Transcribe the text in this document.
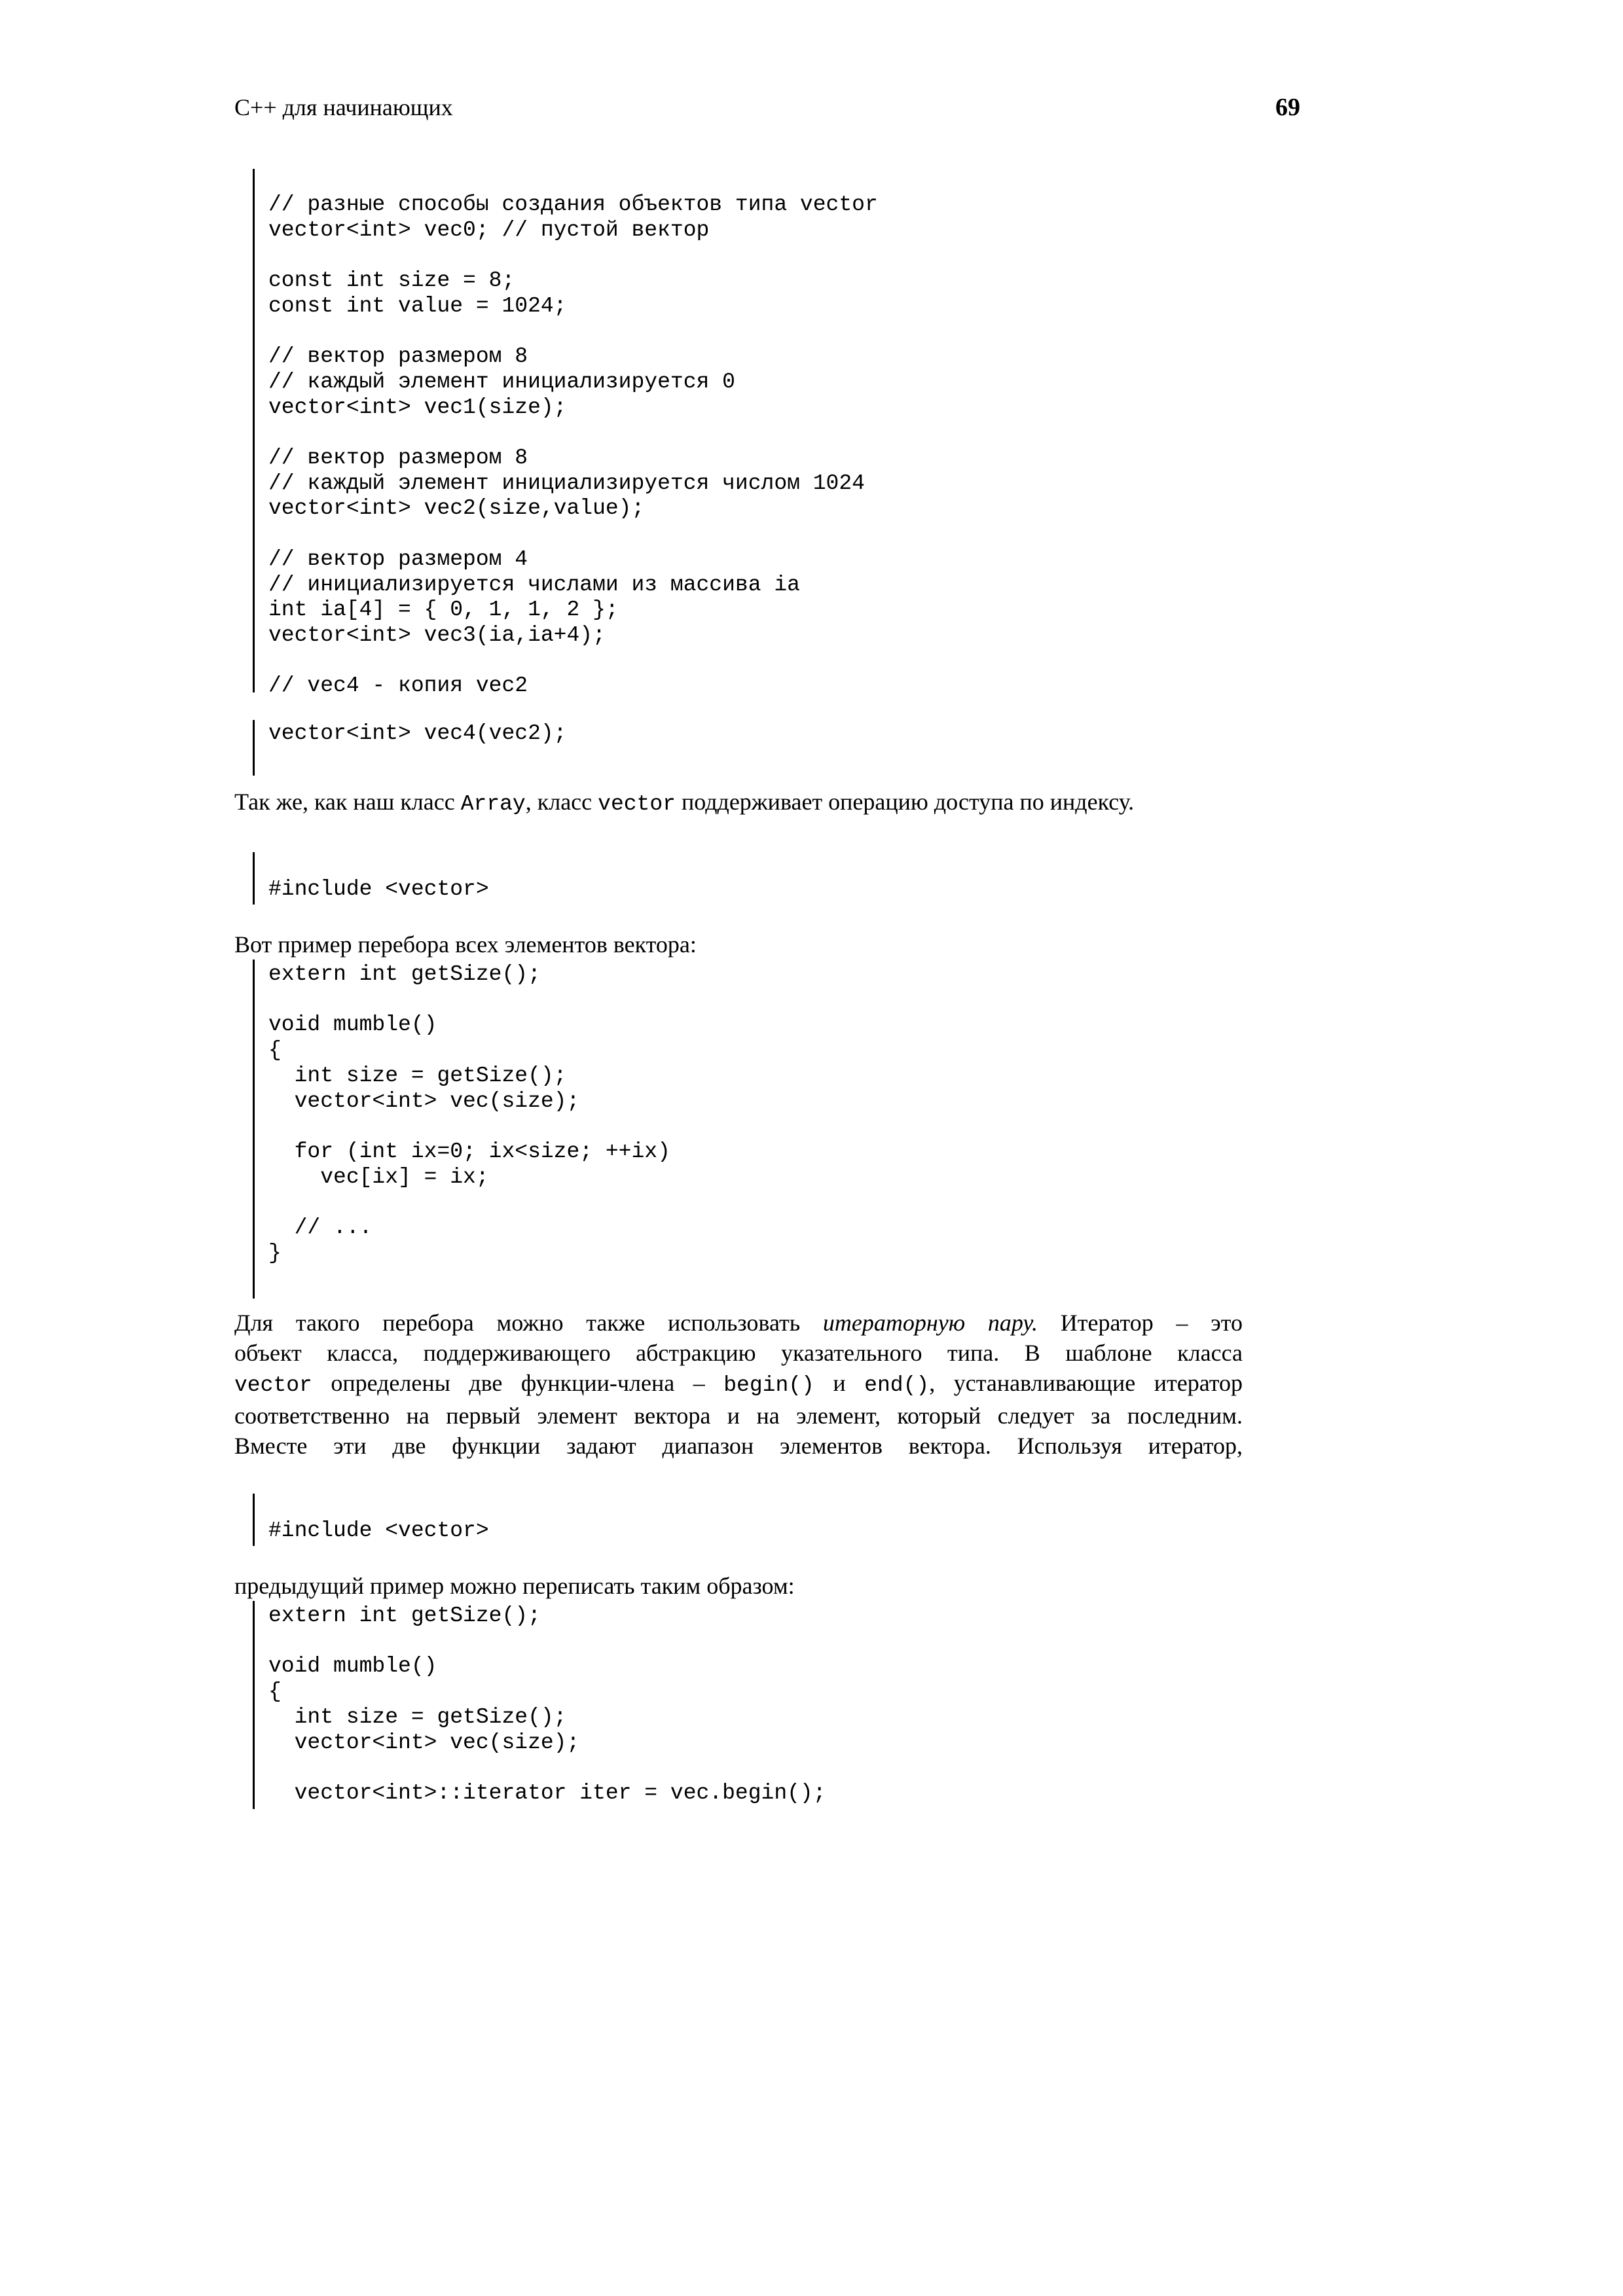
C++ для начинающих	69
// разные способы создания объектов типа vector
vector<int> vec0; // пустой вектор

const int size = 8;
const int value = 1024;

// вектор размером 8
// каждый элемент инициализируется 0
vector<int> vec1(size);

// вектор размером 8
// каждый элемент инициализируется числом 1024
vector<int> vec2(size,value);

// вектор размером 4
// инициализируется числами из массива ia
int ia[4] = { 0, 1, 1, 2 };
vector<int> vec3(ia,ia+4);

// vec4 - копия vec2
vector<int> vec4(vec2);

Так же, как наш класс Array, класс vector поддерживает операцию доступа по индексу.

#include <vector>

Вот пример перебора всех элементов вектора:

extern int getSize();

void mumble()
{
int size = getSize();
vector<int> vec(size);

for (int ix=0; ix<size; ++ix)
vec[ix] = ix;

// ...
}

Для такого перебора можно также использовать итераторную пару. Итератор – это
объект класса, поддерживающего абстракцию указательного типа. В шаблоне класса
vector определены две функции-члена – begin() и end(), устанавливающие итератор
соответственно на первый элемент вектора и на элемент, который следует за последним.
Вместе эти две функции задают диапазон элементов вектора. Используя итератор,

#include <vector>

предыдущий пример можно переписать таким образом:

extern int getSize();

void mumble()
{
int size = getSize();
vector<int> vec(size);

vector<int>::iterator iter = vec.begin();
